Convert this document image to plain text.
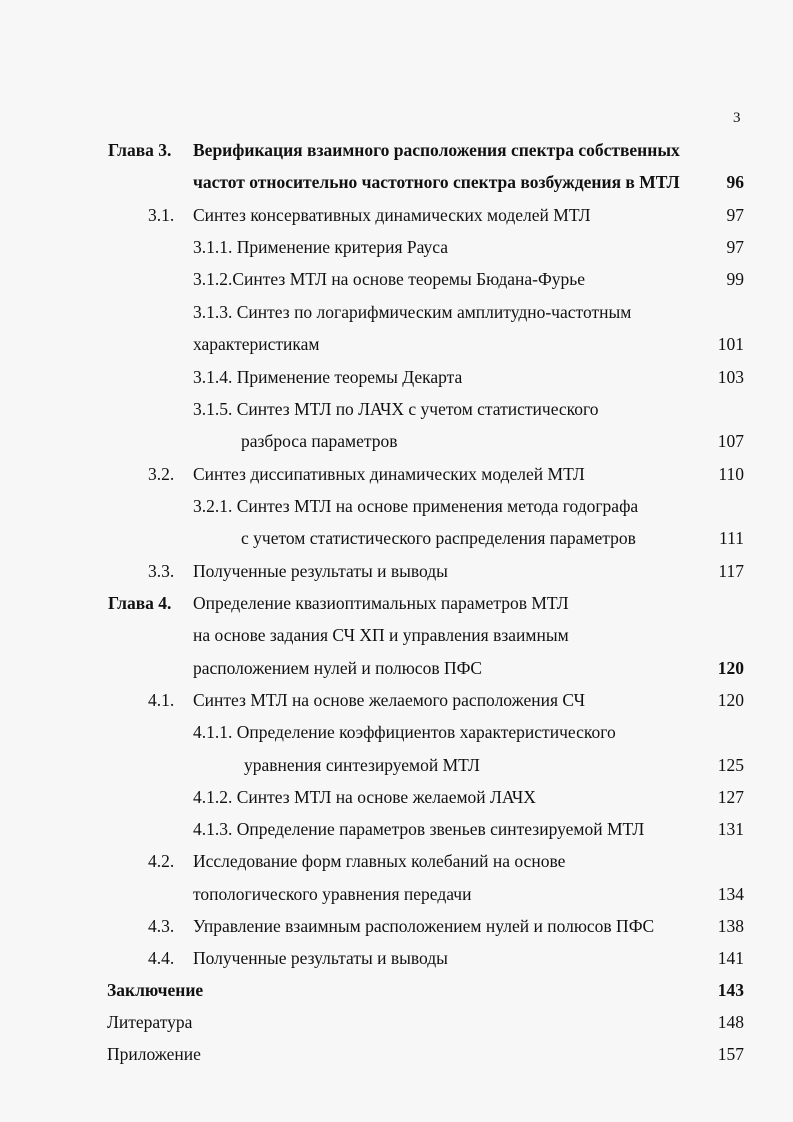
3
Глава 3. Верификация взаимного расположения спектра собственных
частот относительно частотного спектра возбуждения в МТЛ	96
3.1. Синтез консервативных динамических моделей МТЛ	97
3.1.1. Применение критерия Рауса	97
3.1.2.Синтез МТЛ на основе теоремы Бюдана-Фурье	99
3.1.3. Синтез по логарифмическим амплитудно-частотным
характеристикам	101
3.1.4. Применение теоремы Декарта	103
3.1.5. Синтез МТЛ по ЛАЧХ с учетом статистического
разброса параметров	107
3.2. Синтез диссипативных динамических моделей МТЛ	110
3.2.1. Синтез МТЛ на основе применения метода годографа
с учетом статистического распределения параметров	111
3.3. Полученные результаты и выводы	117
Глава 4. Определение квазиоптимальных параметров МТЛ
на основе задания СЧ ХП и управления взаимным
расположением нулей и полюсов ПФС	120
4.1. Синтез МТЛ на основе желаемого расположения СЧ	120
4.1.1. Определение коэффициентов характеристического
уравнения синтезируемой МТЛ	125
4.1.2. Синтез МТЛ на основе желаемой ЛАЧХ	127
4.1.3. Определение параметров звеньев синтезируемой МТЛ	131
4.2. Исследование форм главных колебаний на основе
топологического уравнения передачи	134
4.3. Управление взаимным расположением нулей и полюсов ПФС	138
4.4. Полученные результаты и выводы	141
Заключение	143
Литература	148
Приложение	157
